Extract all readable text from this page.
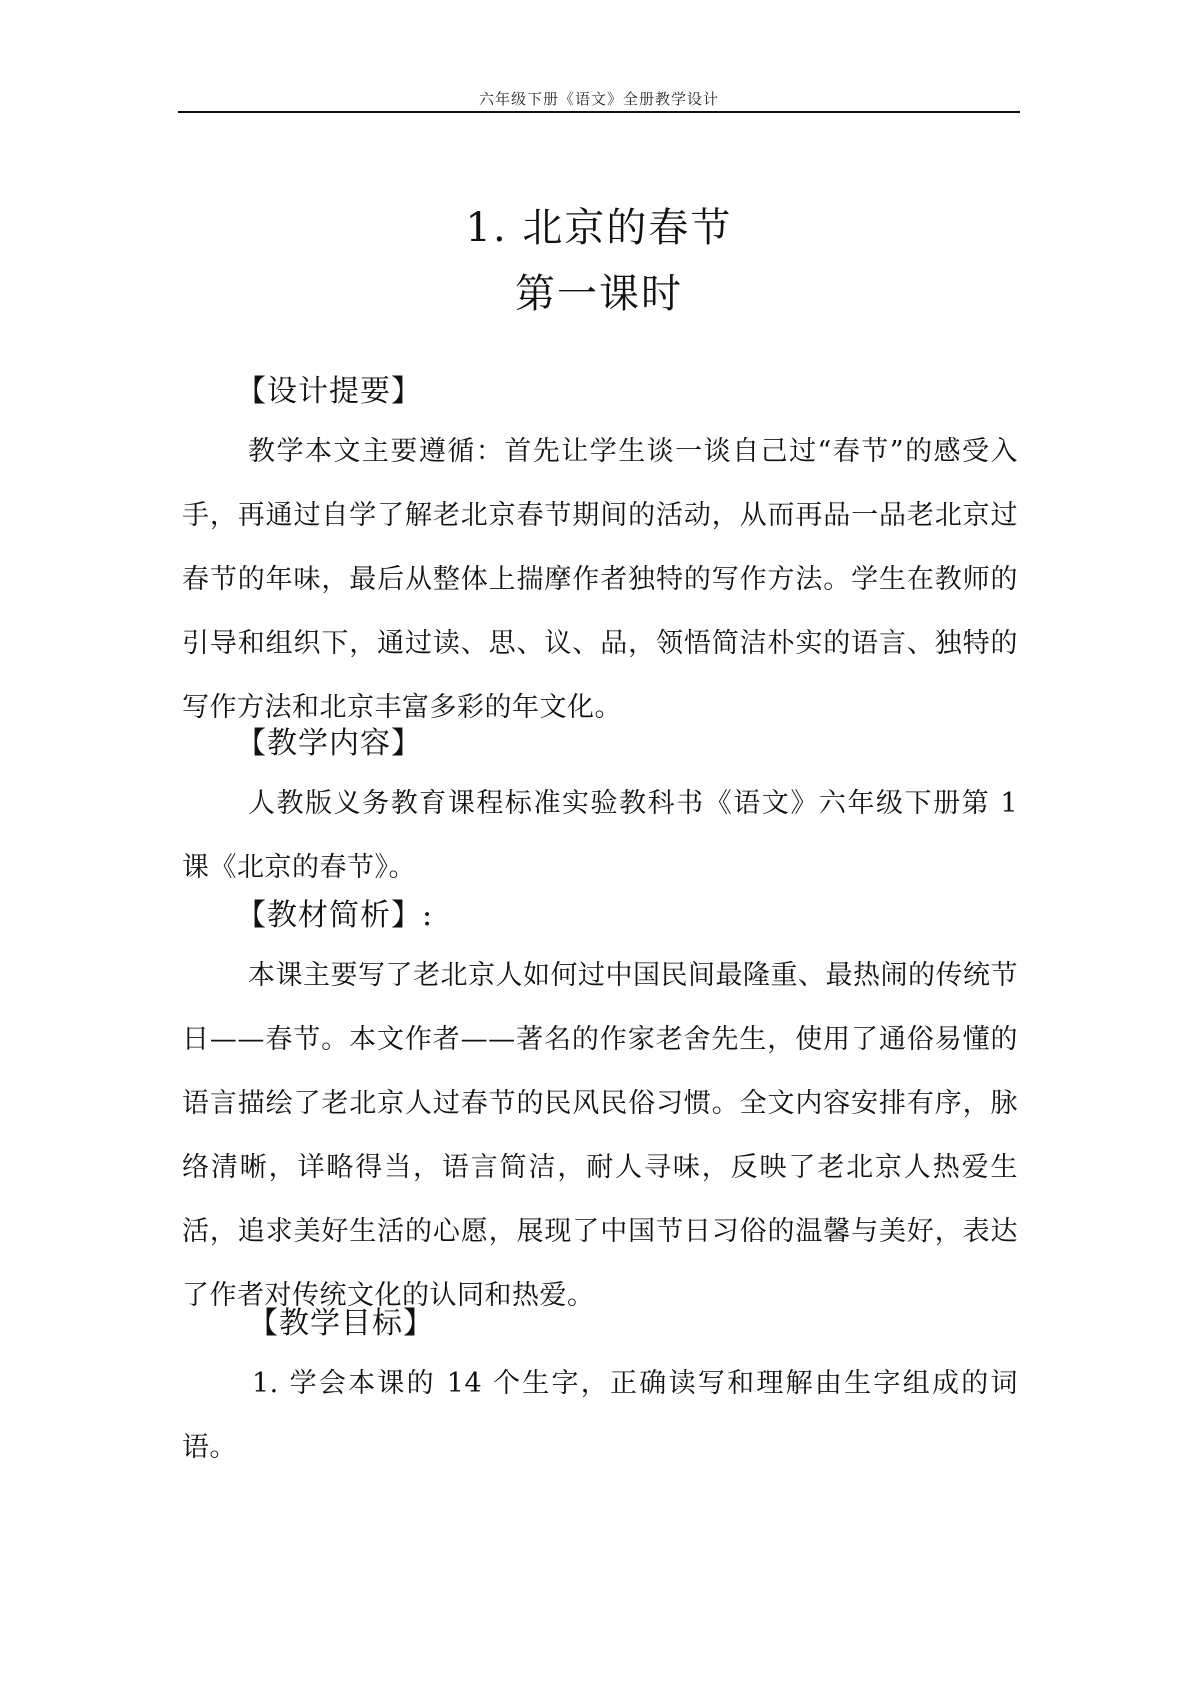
六年级下册《语文》全册教学设计
1. 北京的春节
第一课时
【设计提要】

教学本文主要遵循：首先让学生谈一谈自己过“春节”的感受入手，再通过自学了解老北京春节期间的活动，从而再品一品老北京过春节的年味，最后从整体上揣摩作者独特的写作方法。学生在教师的引导和组织下，通过读、思、议、品，领悟简洁朴实的语言、独特的写作方法和北京丰富多彩的年文化。

【教学内容】

人教版义务教育课程标准实验教科书《语文》六年级下册第 1 课《北京的春节》。

【教材简析】:

本课主要写了老北京人如何过中国民间最隆重、最热闹的传统节日——春节。本文作者——著名的作家老舍先生，使用了通俗易懂的语言描绘了老北京人过春节的民风民俗习惯。全文内容安排有序，脉络清晰，详略得当，语言简洁，耐人寻味，反映了老北京人热爱生活，追求美好生活的心愿，展现了中国节日习俗的温馨与美好，表达了作者对传统文化的认同和热爱。

【教学目标】

1. 学会本课的 14 个生字，正确读写和理解由生字组成的词语。
